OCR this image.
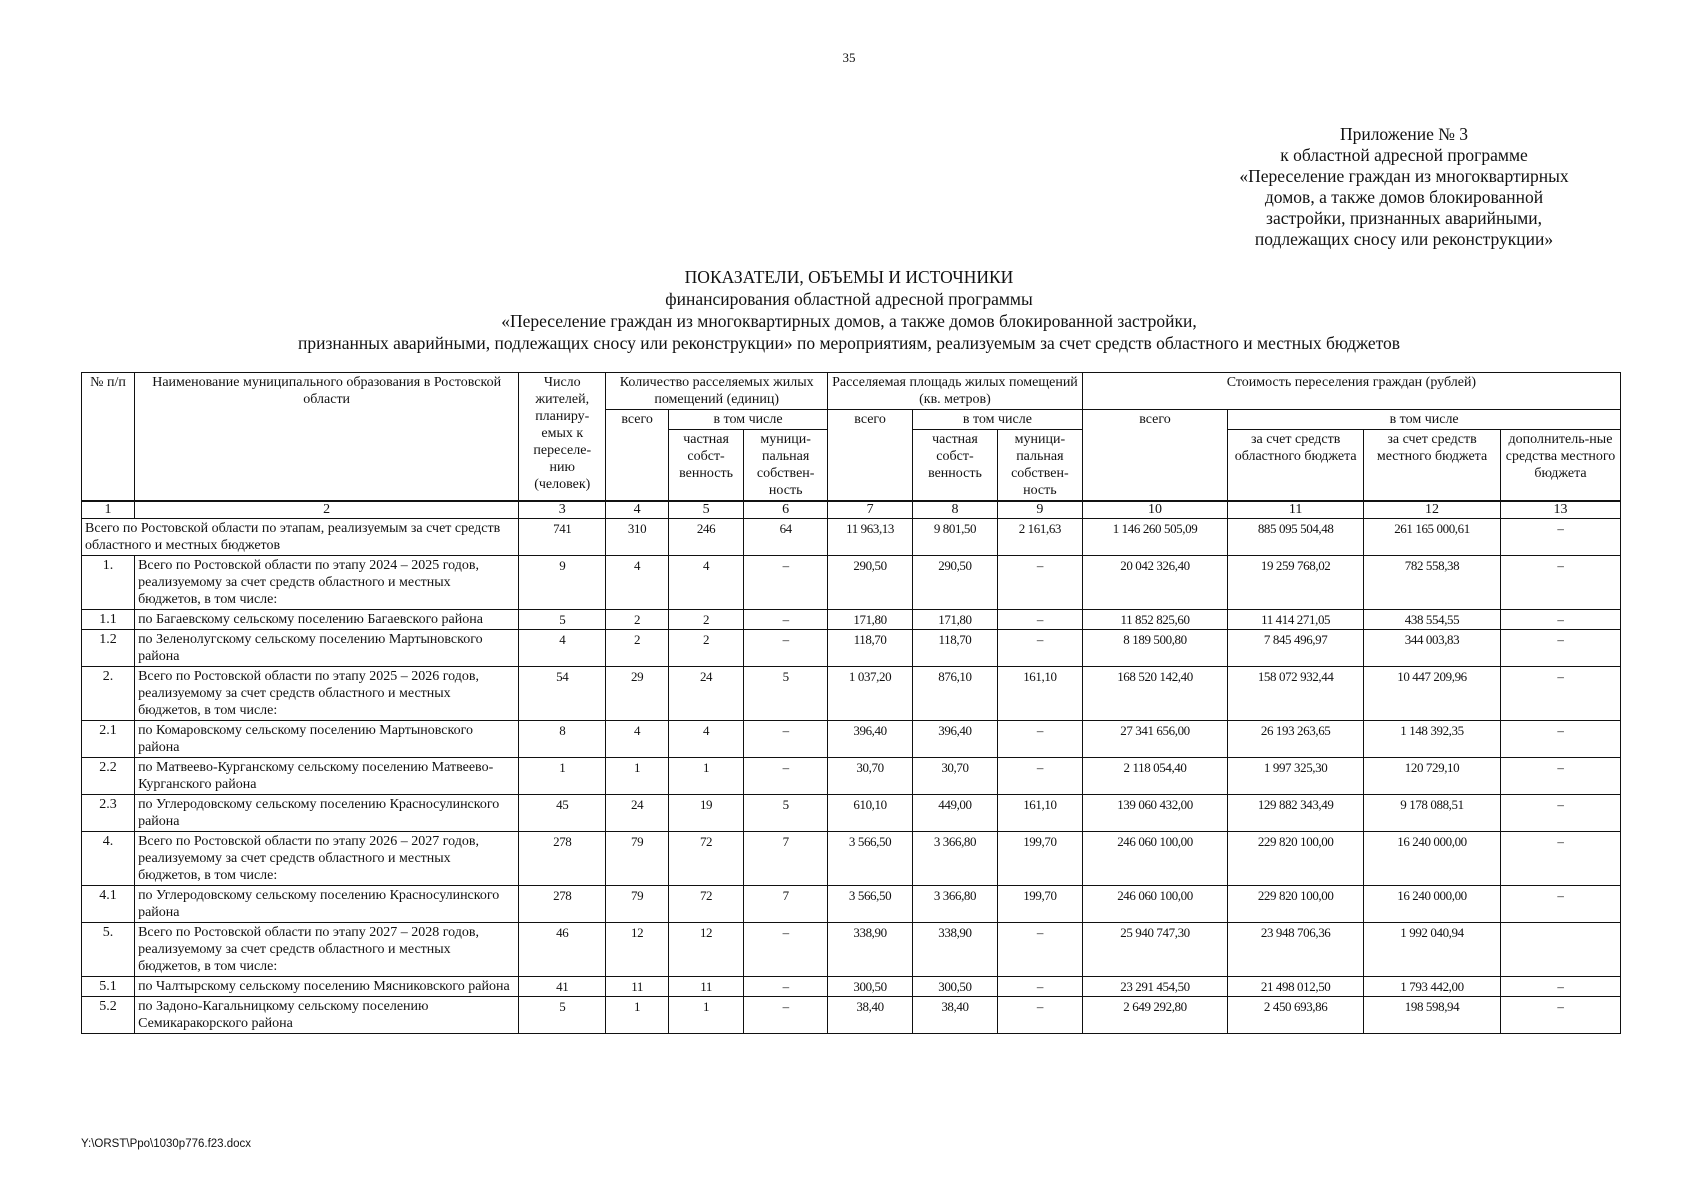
35
Приложение № 3
к областной адресной программе
«Переселение граждан из многоквартирных
домов, а также домов блокированной
застройки, признанных аварийными,
подлежащих сносу или реконструкции»
ПОКАЗАТЕЛИ, ОБЪЕМЫ И ИСТОЧНИКИ
финансирования областной адресной программы
«Переселение граждан из многоквартирных домов, а также домов блокированной застройки,
признанных аварийными, подлежащих сносу или реконструкции» по мероприятиям, реализуемым за счет средств областного и местных бюджетов
№ п/п	Наименование муниципального образования в Ростовской области	Число жителей, планиру-емых к переселе-нию (человек)	Количество расселяемых жилых помещений (единиц)			Расселяемая площадь жилых помещений (кв. метров)			Стоимость переселения граждан (рублей)			
			всего	в том числе		всего	в том числе		всего	в том числе		
				частная собст-венность	муници-пальная собствен-ность		частная собст-венность	муници-пальная собствен-ность		за счет средств областного бюджета	за счет средств местного бюджета	дополнитель-ные средства местного бюджета
1	2	3	4	5	6	7	8	9	10	11	12	13
Всего по Ростовской области по этапам, реализуемым за счет средств областного и местных бюджетов		741	310	246	64	11 963,13	9 801,50	2 161,63	1 146 260 505,09	885 095 504,48	261 165 000,61	–
1.	Всего по Ростовской области по этапу 2024 – 2025 годов, реализуемому за счет средств областного и местных бюджетов, в том числе:	9	4	4	–	290,50	290,50	–	20 042 326,40	19 259 768,02	782 558,38	–
1.1	по Багаевскому сельскому поселению Багаевского района	5	2	2	–	171,80	171,80	–	11 852 825,60	11 414 271,05	438 554,55	–
1.2	по Зеленолугскому сельскому поселению Мартыновского района	4	2	2	–	118,70	118,70	–	8 189 500,80	7 845 496,97	344 003,83	–
2.	Всего по Ростовской области по этапу 2025 – 2026 годов, реализуемому за счет средств областного и местных бюджетов, в том числе:	54	29	24	5	1 037,20	876,10	161,10	168 520 142,40	158 072 932,44	10 447 209,96	–
2.1	по Комаровскому сельскому поселению Мартыновского района	8	4	4	–	396,40	396,40	–	27 341 656,00	26 193 263,65	1 148 392,35	–
2.2	по Матвеево-Курганскому сельскому поселению Матвеево-Курганского района	1	1	1	–	30,70	30,70	–	2 118 054,40	1 997 325,30	120 729,10	–
2.3	по Углеродовскому сельскому поселению Красносулинского района	45	24	19	5	610,10	449,00	161,10	139 060 432,00	129 882 343,49	9 178 088,51	–
4.	Всего по Ростовской области по этапу 2026 – 2027 годов, реализуемому за счет средств областного и местных бюджетов, в том числе:	278	79	72	7	3 566,50	3 366,80	199,70	246 060 100,00	229 820 100,00	16 240 000,00	–
4.1	по Углеродовскому сельскому поселению Красносулинского района	278	79	72	7	3 566,50	3 366,80	199,70	246 060 100,00	229 820 100,00	16 240 000,00	–
5.	Всего по Ростовской области по этапу 2027 – 2028 годов, реализуемому за счет средств областного и местных бюджетов, в том числе:	46	12	12	–	338,90	338,90	–	25 940 747,30	23 948 706,36	1 992 040,94	
5.1	по Чалтырскому сельскому поселению Мясниковского района	41	11	11	–	300,50	300,50	–	23 291 454,50	21 498 012,50	1 793 442,00	–
5.2	по Задоно-Кагальницкому сельскому поселению Семикаракорского района	5	1	1	–	38,40	38,40	–	2 649 292,80	2 450 693,86	198 598,94	–
Y:\ORST\Ppo\1030p776.f23.docx
